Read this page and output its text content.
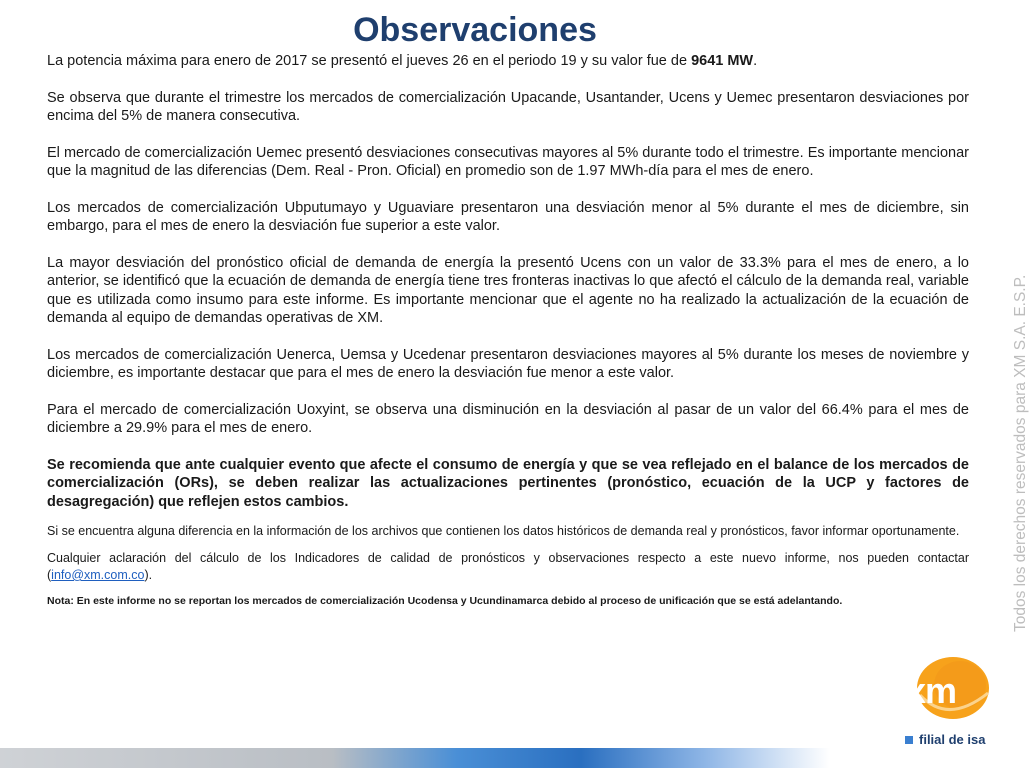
Observaciones

La potencia máxima para enero de 2017 se presentó el jueves 26 en el periodo 19 y su valor fue de 9641 MW.

Se observa que durante el trimestre los mercados de comercialización Upacande, Usantander, Ucens y Uemec presentaron desviaciones por encima del 5% de manera consecutiva.

El mercado de comercialización Uemec presentó desviaciones consecutivas mayores al 5% durante todo el trimestre. Es importante mencionar que la magnitud de las diferencias (Dem. Real - Pron. Oficial) en promedio son de 1.97 MWh-día para el mes de enero.

Los mercados de comercialización Ubputumayo y Uguaviare presentaron una desviación menor al 5% durante el mes de diciembre, sin embargo, para el mes de enero la desviación fue superior a este valor.

La mayor desviación del pronóstico oficial de demanda de energía la presentó Ucens con un valor de 33.3% para el mes de enero, a lo anterior, se identificó que la ecuación de demanda de energía tiene tres fronteras inactivas lo que afectó el cálculo de la demanda real, variable que es utilizada como insumo para este informe. Es importante mencionar que el agente no ha realizado la actualización de la ecuación de demanda al equipo de demandas operativas de XM.

Los mercados de comercialización Uenerca, Uemsa y Ucedenar presentaron desviaciones mayores al 5% durante los meses de noviembre y diciembre, es importante destacar que para el mes de enero la desviación fue menor a este valor.

Para el mercado de comercialización Uoxyint, se observa una disminución en la desviación al pasar de un valor del 66.4% para el mes de diciembre a 29.9% para el mes de enero.

Se recomienda que ante cualquier evento que afecte el consumo de energía y que se vea reflejado en el balance de los mercados de comercialización (ORs), se deben realizar las actualizaciones pertinentes (pronóstico, ecuación de la UCP y factores de desagregación) que reflejen estos cambios.

Si se encuentra alguna diferencia en la información de los archivos que contienen los datos históricos de demanda real y pronósticos, favor informar oportunamente.

Cualquier aclaración del cálculo de los Indicadores de calidad de pronósticos y observaciones respecto a este nuevo informe, nos pueden contactar (info@xm.com.co).

Nota: En este informe no se reportan los mercados de comercialización Ucodensa y Ucundinamarca debido al proceso de unificación que se está adelantando.	Todos los derechos reservados para XM S.A. E.S.P.
xm
filial de isa
